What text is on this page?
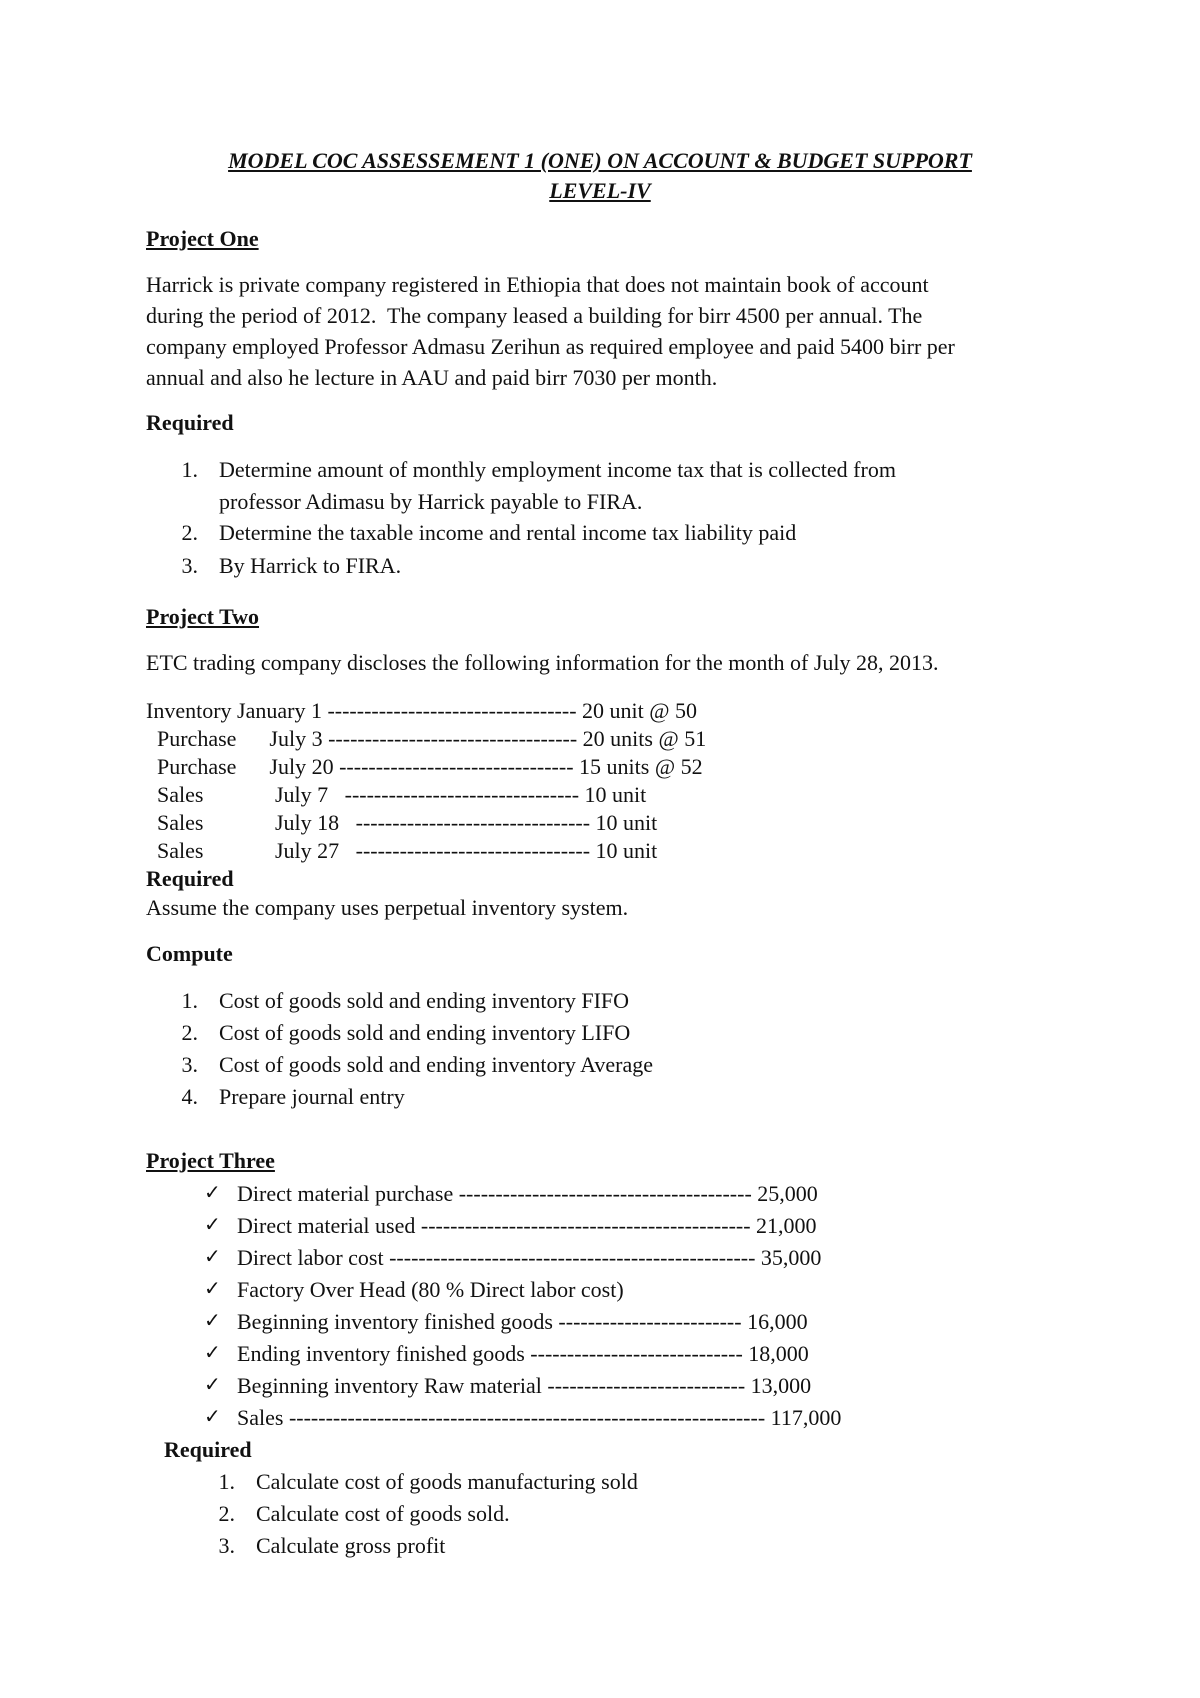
MODEL COC ASSESSEMENT 1 (ONE) ON ACCOUNT & BUDGET SUPPORT
LEVEL-IV
Project One
Harrick is private company registered in Ethiopia that does not maintain book of account
during the period of 2012.  The company leased a building for birr 4500 per annual. The
company employed Professor Admasu Zerihun as required employee and paid 5400 birr per
annual and also he lecture in AAU and paid birr 7030 per month.
Required
1. Determine amount of monthly employment income tax that is collected from
professor Adimasu by Harrick payable to FIRA.
2. Determine the taxable income and rental income tax liability paid
3. By Harrick to FIRA.
Project Two
ETC trading company discloses the following information for the month of July 28, 2013.
Inventory January 1 ---------------------------------- 20 unit @ 50
Purchase      July 3 ---------------------------------- 20 units @ 51
Purchase      July 20 -------------------------------- 15 units @ 52
Sales             July 7   -------------------------------- 10 unit
Sales             July 18   -------------------------------- 10 unit
Sales             July 27   -------------------------------- 10 unit
Required
Assume the company uses perpetual inventory system.
Compute
1. Cost of goods sold and ending inventory FIFO
2. Cost of goods sold and ending inventory LIFO
3. Cost of goods sold and ending inventory Average
4. Prepare journal entry
Project Three
✓ Direct material purchase ---------------------------------------- 25,000
✓ Direct material used --------------------------------------------- 21,000
✓ Direct labor cost -------------------------------------------------- 35,000
✓ Factory Over Head (80 % Direct labor cost)
✓ Beginning inventory finished goods ------------------------- 16,000
✓ Ending inventory finished goods ----------------------------- 18,000
✓ Beginning inventory Raw material --------------------------- 13,000
✓ Sales ----------------------------------------------------------------- 117,000
Required
1. Calculate cost of goods manufacturing sold
2. Calculate cost of goods sold.
3. Calculate gross profit
